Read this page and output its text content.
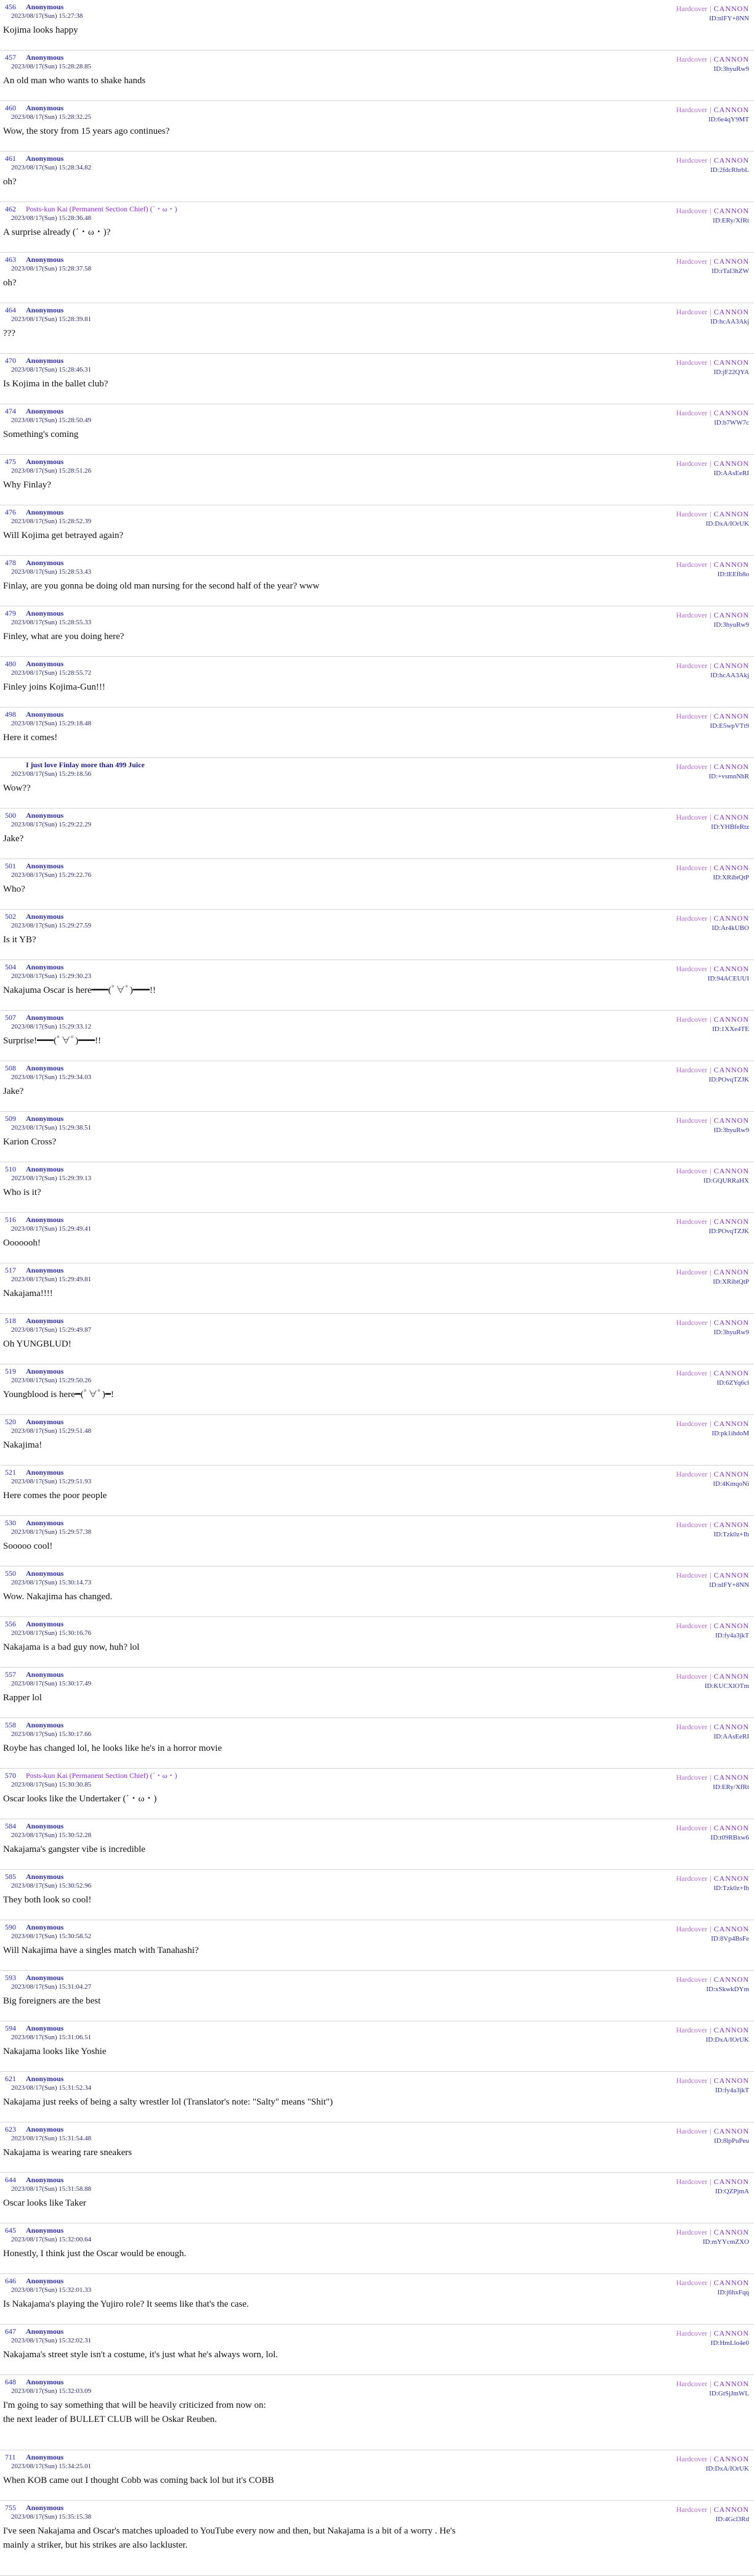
456 Anonymous
2023/08/17(Sun) 15:27:38
Kojima looks happy
Hardcover | CANNON
ID:nlFY+8NN
457 Anonymous
2023/08/17(Sun) 15:28:28.85
An old man who wants to shake hands
Hardcover | CANNON
ID:3hyuRw9
460 Anonymous
2023/08/17(Sun) 15:28:32.25
Wow, the story from 15 years ago continues?
Hardcover | CANNON
ID:6e4qY9MT
461 Anonymous
2023/08/17(Sun) 15:28:34.82
oh?
Hardcover | CANNON
ID:2fdcRhrbL
462 Posts-kun Kai (Permanent Section Chief) (´・ω・)
2023/08/17(Sun) 15:28:36.48
A surprise already (´・ω・)?
Hardcover | CANNON
ID:ERy/XfRt
463 Anonymous
2023/08/17(Sun) 15:28:37.58
oh?
Hardcover | CANNON
ID:rTaI3hZW
464 Anonymous
2023/08/17(Sun) 15:28:39.81
???
Hardcover | CANNON
ID:hcAA3Akj
470 Anonymous
2023/08/17(Sun) 15:28:46.31
Is Kojima in the ballet club?
Hardcover | CANNON
ID:jF22QYA
474 Anonymous
2023/08/17(Sun) 15:28:50.49
Something's coming
Hardcover | CANNON
ID:b7WW7c
475 Anonymous
2023/08/17(Sun) 15:28:51.26
Why Finlay?
Hardcover | CANNON
ID:AAsEeRI
476 Anonymous
2023/08/17(Sun) 15:28:52.39
Will Kojima get betrayed again?
Hardcover | CANNON
ID:DxA/IOrUK
478 Anonymous
2023/08/17(Sun) 15:28:53.43
Finlay, are you gonna be doing old man nursing for the second half of the year? www
Hardcover | CANNON
ID:lEEfb8o
479 Anonymous
2023/08/17(Sun) 15:28:55.33
Finley, what are you doing here?
Hardcover | CANNON
ID:3hyuRw9
480 Anonymous
2023/08/17(Sun) 15:28:55.72
Finley joins Kojima-Gun!!!
Hardcover | CANNON
ID:hcAA3Akj
498 Anonymous
2023/08/17(Sun) 15:29:18.48
Here it comes!
Hardcover | CANNON
ID:E5wpVTt9
I just love Finlay more than 499 Juice
2023/08/17(Sun) 15:29:18.56
Wow??
Hardcover | CANNON
ID:+vsmnNhR
500 Anonymous
2023/08/17(Sun) 15:29:22.29
Jake?
Hardcover | CANNON
ID:YHBfeRtz
501 Anonymous
2023/08/17(Sun) 15:29:22.76
Who?
Hardcover | CANNON
ID:XRibtQtP
502 Anonymous
2023/08/17(Sun) 15:29:27.59
Is it YB?
Hardcover | CANNON
ID:Ar4kUBO
504 Anonymous
2023/08/17(Sun) 15:29:30.23
Nakajuma Oscar is here━━━(ﾟ∀ﾟ)━━━!!
Hardcover | CANNON
ID:94ACEUUI
507 Anonymous
2023/08/17(Sun) 15:29:33.12
Surprise!━━━(ﾟ∀ﾟ)━━━!!
Hardcover | CANNON
ID:1XXe4TE
508 Anonymous
2023/08/17(Sun) 15:29:34.03
Jake?
Hardcover | CANNON
ID:POvqTZJK
509 Anonymous
2023/08/17(Sun) 15:29:38.51
Karion Cross?
Hardcover | CANNON
ID:3hyuRw9
510 Anonymous
2023/08/17(Sun) 15:29:39.13
Who is it?
Hardcover | CANNON
ID:GQURRaHX
516 Anonymous
2023/08/17(Sun) 15:29:49.41
Ooooooh!
Hardcover | CANNON
ID:POvqTZJK
517 Anonymous
2023/08/17(Sun) 15:29:49.81
Nakajama!!!!
Hardcover | CANNON
ID:XRibtQtP
518 Anonymous
2023/08/17(Sun) 15:29:49.87
Oh YUNGBLUD!
Hardcover | CANNON
ID:3hyuRw9
519 Anonymous
2023/08/17(Sun) 15:29:50.26
Youngblood is here━(ﾟ∀ﾟ)━!
Hardcover | CANNON
ID:6ZYq6cl
520 Anonymous
2023/08/17(Sun) 15:29:51.48
Nakajima!
Hardcover | CANNON
ID:pk1ihdoM
521 Anonymous
2023/08/17(Sun) 15:29:51.93
Here comes the poor people
Hardcover | CANNON
ID:4KmqoNi
530 Anonymous
2023/08/17(Sun) 15:29:57.38
Sooooo cool!
Hardcover | CANNON
ID:Tzk0z+Ib
550 Anonymous
2023/08/17(Sun) 15:30:14.73
Wow. Nakajima has changed.
Hardcover | CANNON
ID:nlFY+8NN
556 Anonymous
2023/08/17(Sun) 15:30:16.76
Nakajama is a bad guy now, huh? lol
Hardcover | CANNON
ID:fy4a3jkT
557 Anonymous
2023/08/17(Sun) 15:30:17.49
Rapper lol
Hardcover | CANNON
ID:KUCXlOTm
558 Anonymous
2023/08/17(Sun) 15:30:17.66
Roybe has changed lol, he looks like he's in a horror movie
Hardcover | CANNON
ID:AAsEeRI
570 Posts-kun Kai (Permanent Section Chief) (´・ω・)
2023/08/17(Sun) 15:30:30.85
Oscar looks like the Undertaker (´・ω・)
Hardcover | CANNON
ID:ERy/XfRt
584 Anonymous
2023/08/17(Sun) 15:30:52.28
Nakajama's gangster vibe is incredible
Hardcover | CANNON
ID:t09RBxw6
585 Anonymous
2023/08/17(Sun) 15:30:52.96
They both look so cool!
Hardcover | CANNON
ID:Tzk0z+Ib
590 Anonymous
2023/08/17(Sun) 15:30:58.52
Will Nakajima have a singles match with Tanahashi?
Hardcover | CANNON
ID:8Vp4BsFe
593 Anonymous
2023/08/17(Sun) 15:31:04.27
Big foreigners are the best
Hardcover | CANNON
ID:xSkwkDYm
594 Anonymous
2023/08/17(Sun) 15:31:06.51
Nakajama looks like Yoshie
Hardcover | CANNON
ID:DxA/IOrUK
621 Anonymous
2023/08/17(Sun) 15:31:52.34
Nakajama just reeks of being a salty wrestler lol (Translator's note: "Salty" means "Shit")
Hardcover | CANNON
ID:fy4a3jkT
623 Anonymous
2023/08/17(Sun) 15:31:54.48
Nakajama is wearing rare sneakers
Hardcover | CANNON
ID:8lpPuPeu
644 Anonymous
2023/08/17(Sun) 15:31:58.88
Oscar looks like Taker
Hardcover | CANNON
ID:QZPjmA
645 Anonymous
2023/08/17(Sun) 15:32:00.64
Honestly, I think just the Oscar would be enough.
Hardcover | CANNON
ID:mYYcmZXO
646 Anonymous
2023/08/17(Sun) 15:32:01.33
Is Nakajama's playing the Yujiro role? It seems like that's the case.
Hardcover | CANNON
ID:j6hxFqq
647 Anonymous
2023/08/17(Sun) 15:32:02.31
Nakajama's street style isn't a costume, it's just what he's always worn, lol.
Hardcover | CANNON
ID:HmLlo4e0
648 Anonymous
2023/08/17(Sun) 15:32:03.09
I'm going to say something that will be heavily criticized from now on:
the next leader of BULLET CLUB will be Oskar Reuben.
Hardcover | CANNON
ID:GtSjJmWL
711 Anonymous
2023/08/17(Sun) 15:34:25.01
When KOB came out I thought Cobb was coming back lol but it's COBB
Hardcover | CANNON
ID:DxA/IOrUK
755 Anonymous
2023/08/17(Sun) 15:35:15.38
I've seen Nakajama and Oscar's matches uploaded to YouTube every now and then, but Nakajama is a bit of a worry . He's
mainly a striker, but his strikes are also lackluster.
Hardcover | CANNON
ID:4Gcl3Rd
